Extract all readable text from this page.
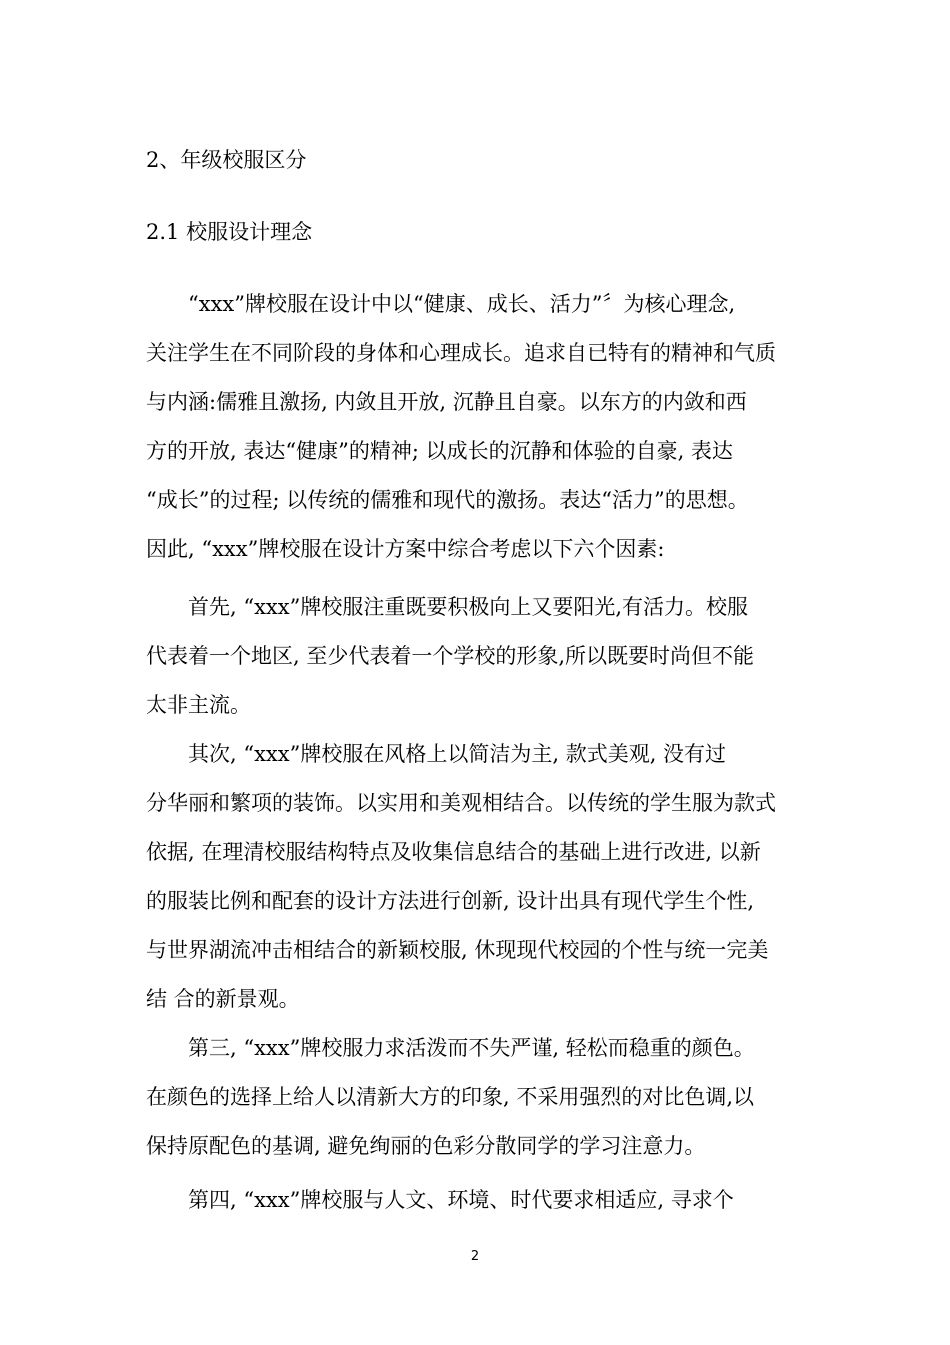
2、年级校服区分
2.1 校服设计理念
　　“xxx”牌校服在设计中以“健康、成长、活力”〞为核心理念,
关注学生在不同阶段的身体和心理成长。追求自已特有的精神和气质
与内涵:儒雅且激扬, 内敛且开放, 沉静且自豪。以东方的内敛和西
方的开放, 表达“健康”的精神; 以成长的沉静和体验的自豪, 表达
“成长”的过程; 以传统的儒雅和现代的激扬。表达“活力”的思想。
因此, “xxx”牌校服在设计方案中综合考虑以下六个因素:
　　首先, “xxx”牌校服注重既要积极向上又要阳光,有活力。校服
代表着一个地区, 至少代表着一个学校的形象,所以既要时尚但不能
太非主流。
　　其次, “xxx”牌校服在风格上以简洁为主, 款式美观, 没有过
分华丽和繁项的装饰。以实用和美观相结合。以传统的学生服为款式
依据, 在理清校服结构特点及收集信息结合的基础上进行改进, 以新
的服装比例和配套的设计方法进行创新, 设计出具有现代学生个性,
与世界湖流冲击相结合的新颖校服, 休现现代校园的个性与统一完美
结 合的新景观。
　　第三, “xxx”牌校服力求活泼而不失严谨, 轻松而稳重的颜色。
在颜色的选择上给人以清新大方的印象, 不采用强烈的对比色调,以
保持原配色的基调, 避免绚丽的色彩分散同学的学习注意力。
　　第四, “xxx”牌校服与人文、环境、时代要求相适应, 寻求个
2
